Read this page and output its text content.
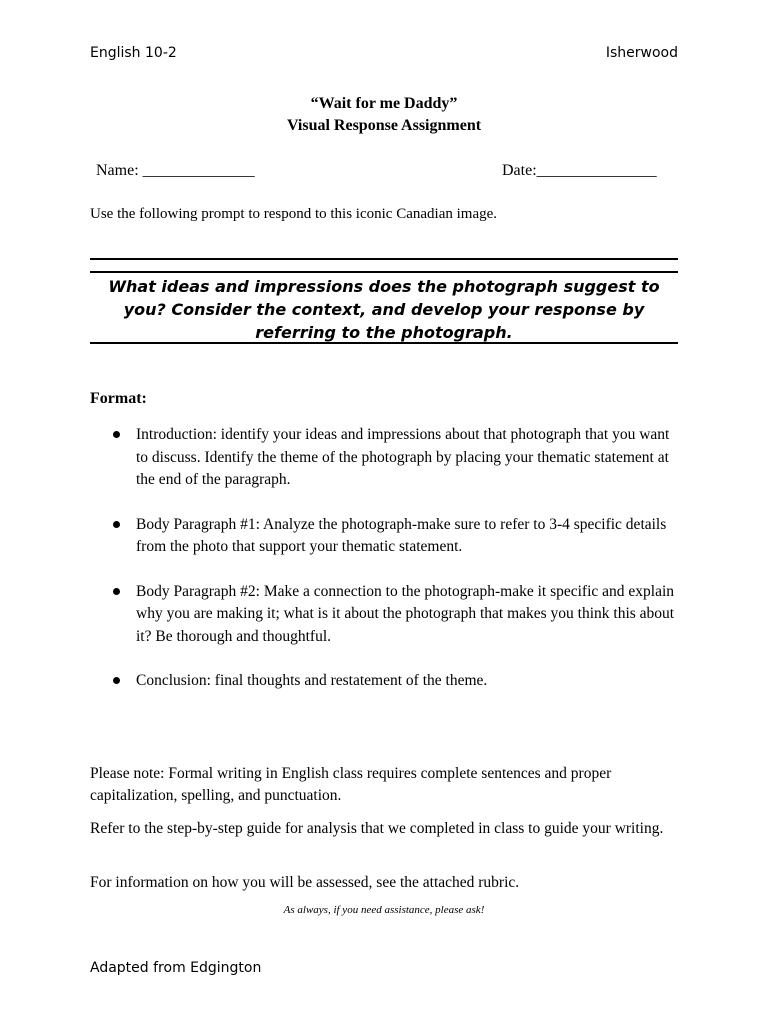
English 10-2	Isherwood
“Wait for me Daddy”
Visual Response Assignment
Name: ______________	Date:_______________
Use the following prompt to respond to this iconic Canadian image.
What ideas and impressions does the photograph suggest to you? Consider the context, and develop your response by referring to the photograph.
Format:
Introduction: identify your ideas and impressions about that photograph that you want to discuss. Identify the theme of the photograph by placing your thematic statement at the end of the paragraph.
Body Paragraph #1: Analyze the photograph-make sure to refer to 3-4 specific details from the photo that support your thematic statement.
Body Paragraph #2: Make a connection to the photograph-make it specific and explain why you are making it; what is it about the photograph that makes you think this about it? Be thorough and thoughtful.
Conclusion: final thoughts and restatement of the theme.
Please note: Formal writing in English class requires complete sentences and proper capitalization, spelling, and punctuation.
Refer to the step-by-step guide for analysis that we completed in class to guide your writing.
For information on how you will be assessed, see the attached rubric.
As always, if you need assistance, please ask!
Adapted from Edgington
